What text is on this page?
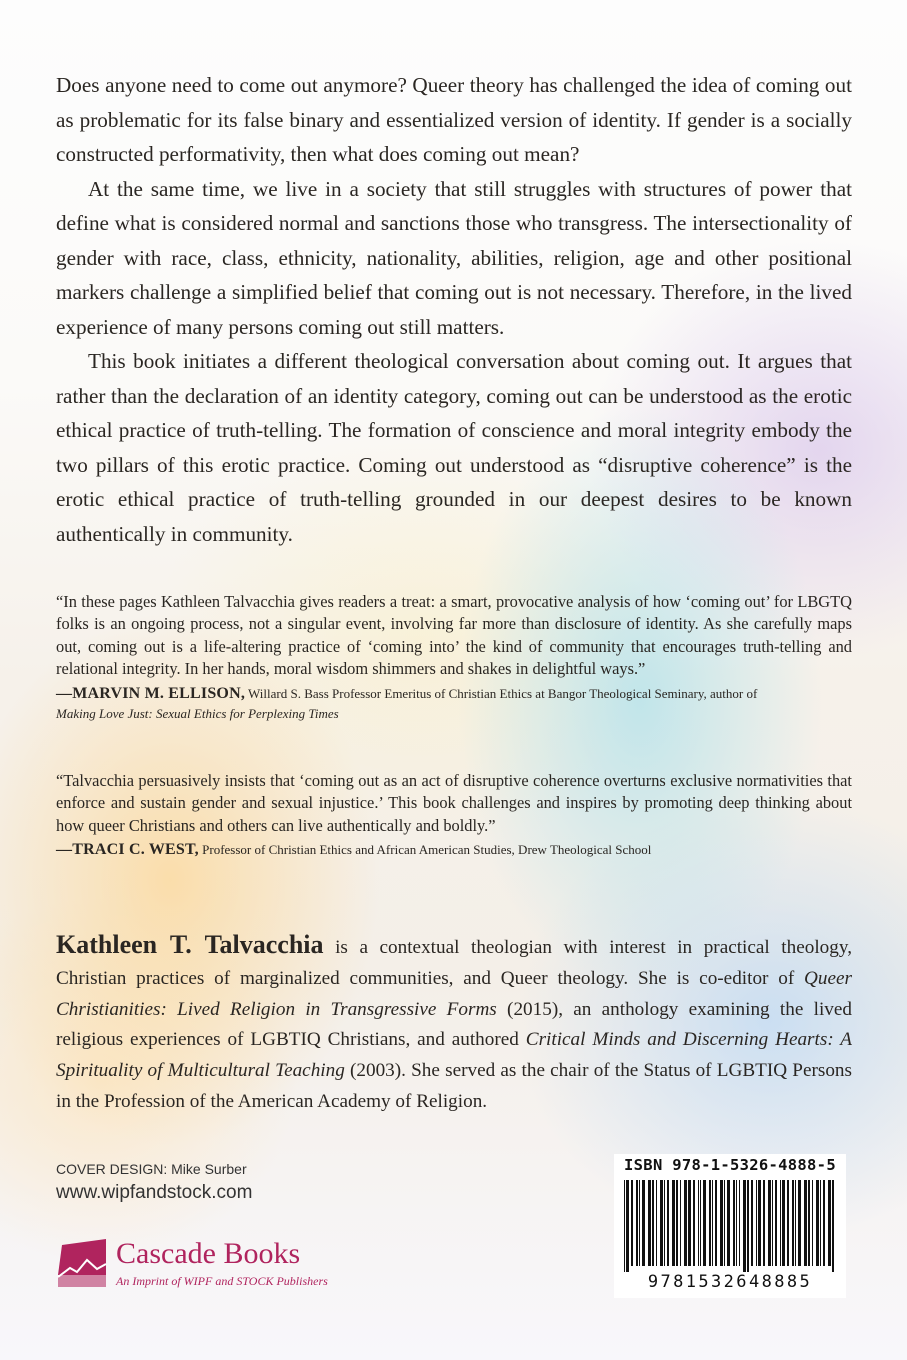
Does anyone need to come out anymore? Queer theory has challenged the idea of coming out as problematic for its false binary and essentialized version of identity. If gender is a socially constructed performativity, then what does coming out mean?

At the same time, we live in a society that still struggles with structures of power that define what is considered normal and sanctions those who transgress. The intersectionality of gender with race, class, ethnicity, nationality, abilities, religion, age and other positional markers challenge a simplified belief that coming out is not necessary. Therefore, in the lived experience of many persons coming out still matters.

This book initiates a different theological conversation about coming out. It argues that rather than the declaration of an identity category, coming out can be understood as the erotic ethical practice of truth-telling. The formation of conscience and moral integrity embody the two pillars of this erotic practice. Coming out understood as “disruptive coherence” is the erotic ethical practice of truth-telling grounded in our deepest desires to be known authentically in community.

“In these pages Kathleen Talvacchia gives readers a treat: a smart, provocative analysis of how ‘coming out’ for LBGTQ folks is an ongoing process, not a singular event, involving far more than disclosure of identity. As she carefully maps out, coming out is a life-altering practice of ‘coming into’ the kind of community that encourages truth-telling and relational integrity. In her hands, moral wisdom shimmers and shakes in delightful ways.”

—MARVIN M. ELLISON, Willard S. Bass Professor Emeritus of Christian Ethics at Bangor Theological Seminary, author of
Making Love Just: Sexual Ethics for Perplexing Times

“Talvacchia persuasively insists that ‘coming out as an act of disruptive coherence overturns exclusive normativities that enforce and sustain gender and sexual injustice.’ This book challenges and inspires by promoting deep thinking about how queer Christians and others can live authentically and boldly.”

—TRACI C. WEST, Professor of Christian Ethics and African American Studies, Drew Theological School

Kathleen T. Talvacchia is a contextual theologian with interest in practical theology, Christian practices of marginalized communities, and Queer theology. She is co-editor of Queer Christianities: Lived Religion in Transgressive Forms (2015), an anthology examining the lived religious experiences of LGBTIQ Christians, and authored Critical Minds and Discerning Hearts: A Spirituality of Multicultural Teaching (2003). She served as the chair of the Status of LGBTIQ Persons in the Profession of the American Academy of Religion.

COVER DESIGN: Mike Surber
www.wipfandstock.com
Cascade Books
An Imprint of WIPF and STOCK Publishers
ISBN 978-1-5326-4888-5
9781532648885
